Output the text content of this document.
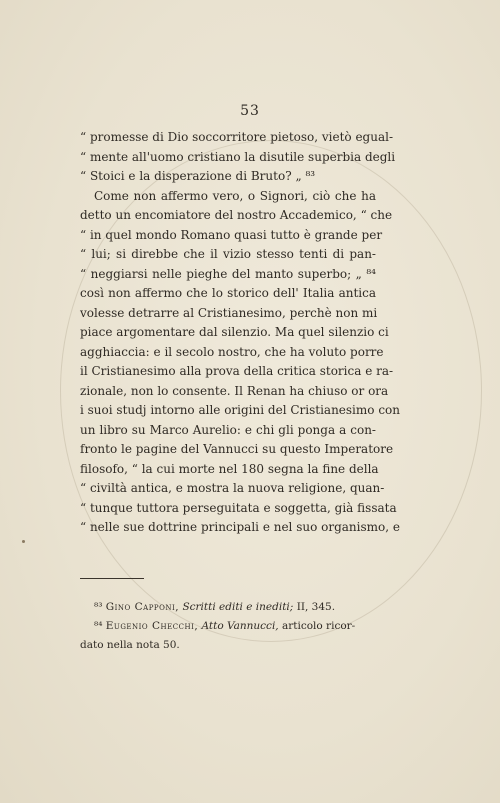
53
“ promesse di Dio soccorritore pietoso, vietò egual-
“ mente all'uomo cristiano la disutile superbia degli
“ Stoici e la disperazione di Bruto? „ ⁸³
Come non affermo vero, o Signori, ciò che ha
detto un encomiatore del nostro Accademico, “ che
“ in quel mondo Romano quasi tutto è grande per
“ lui; si direbbe che il vizio stesso tenti di pan-
“ neggiarsi nelle pieghe del manto superbo; „ ⁸⁴
così non affermo che lo storico dell' Italia antica
volesse detrarre al Cristianesimo, perchè non mi
piace argomentare dal silenzio. Ma quel silenzio ci
agghiaccia: e il secolo nostro, che ha voluto porre
il Cristianesimo alla prova della critica storica e ra-
zionale, non lo consente. Il Renan ha chiuso or ora
i suoi studj intorno alle origini del Cristianesimo con
un libro su Marco Aurelio: e chi gli ponga a con-
fronto le pagine del Vannucci su questo Imperatore
filosofo, “ la cui morte nel 180 segna la fine della
“ civiltà antica, e mostra la nuova religione, quan-
“ tunque tuttora perseguitata e soggetta, già fissata
“ nelle sue dottrine principali e nel suo organismo, e
⁸³ Gino Capponi, Scritti editi e inediti; II, 345.
⁸⁴ Eugenio Checchi, Atto Vannucci, articolo ricor-
dato nella nota 50.
